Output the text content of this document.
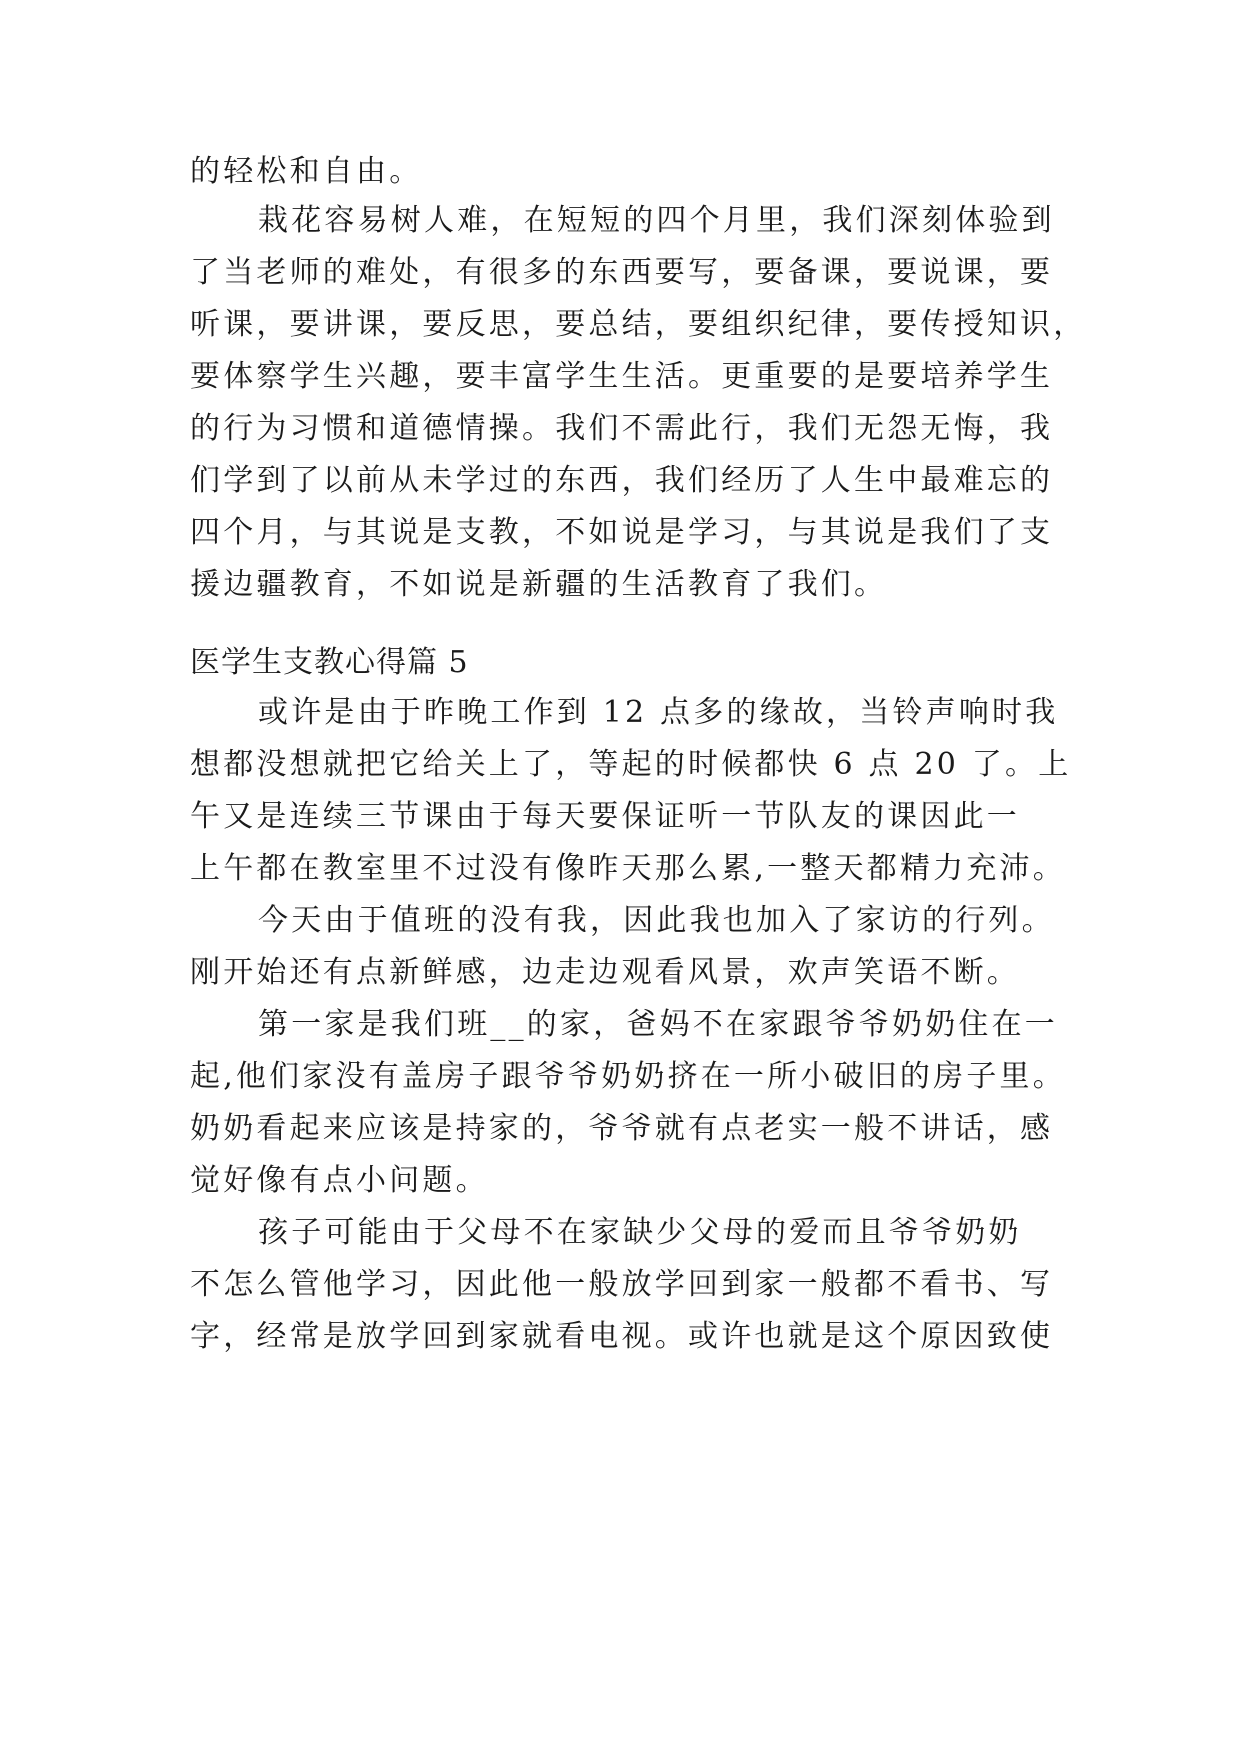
的轻松和自由。
栽花容易树人难，在短短的四个月里，我们深刻体验到
了当老师的难处，有很多的东西要写，要备课，要说课，要
听课，要讲课，要反思，要总结，要组织纪律，要传授知识，
要体察学生兴趣，要丰富学生生活。更重要的是要培养学生
的行为习惯和道德情操。我们不需此行，我们无怨无悔，我
们学到了以前从未学过的东西，我们经历了人生中最难忘的
四个月，与其说是支教，不如说是学习，与其说是我们了支
援边疆教育，不如说是新疆的生活教育了我们。
医学生支教心得篇 5
或许是由于昨晚工作到 12 点多的缘故，当铃声响时我
想都没想就把它给关上了，等起的时候都快 6 点 20 了。上
午又是连续三节课由于每天要保证听一节队友的课因此一
上午都在教室里不过没有像昨天那么累,一整天都精力充沛。
今天由于值班的没有我，因此我也加入了家访的行列。
刚开始还有点新鲜感，边走边观看风景，欢声笑语不断。
第一家是我们班__的家，爸妈不在家跟爷爷奶奶住在一
起,他们家没有盖房子跟爷爷奶奶挤在一所小破旧的房子里。
奶奶看起来应该是持家的，爷爷就有点老实一般不讲话，感
觉好像有点小问题。
孩子可能由于父母不在家缺少父母的爱而且爷爷奶奶
不怎么管他学习，因此他一般放学回到家一般都不看书、写
字，经常是放学回到家就看电视。或许也就是这个原因致使
